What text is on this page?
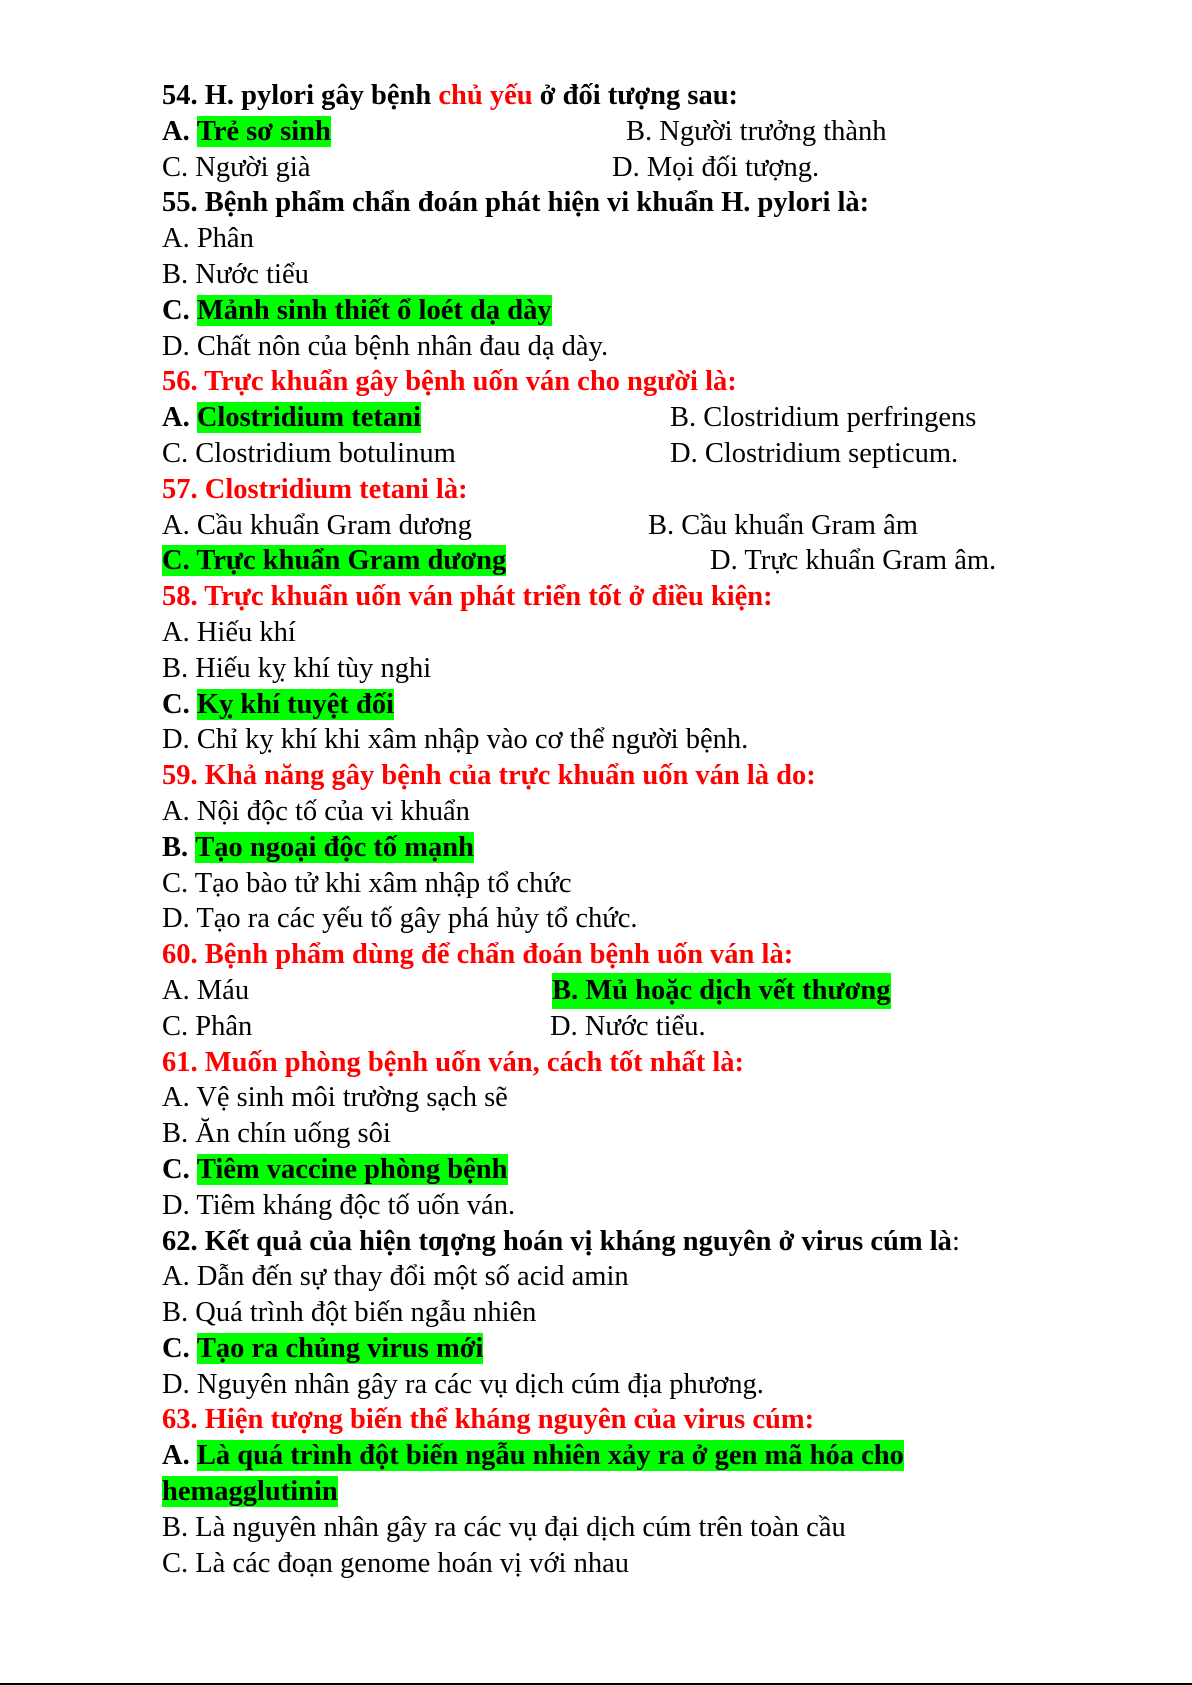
54. H. pylori gây bệnh chủ yếu ở đối tượng sau:
A. Trẻ sơ sinh	B. Người trưởng thành
C. Người già	D. Mọi đối tượng.
55. Bệnh phẩm chẩn đoán phát hiện vi khuẩn H. pylori là:
A. Phân
B. Nước tiểu
C. Mảnh sinh thiết ổ loét dạ dày
D. Chất nôn của bệnh nhân đau dạ dày.
56. Trực khuẩn gây bệnh uốn ván cho người là:
A. Clostridium tetani	B. Clostridium perfringens
C. Clostridium botulinum	D. Clostridium septicum.
57. Clostridium tetani là:
A. Cầu khuẩn Gram dương	B. Cầu khuẩn Gram âm
C. Trực khuẩn Gram dương	D. Trực khuẩn Gram âm.
58. Trực khuẩn uốn ván phát triển tốt ở điều kiện:
A. Hiếu khí
B. Hiếu kỵ khí tùy nghi
C. Kỵ khí tuyệt đối
D. Chỉ kỵ khí khi xâm nhập vào cơ thể người bệnh.
59. Khả năng gây bệnh của trực khuẩn uốn ván là do:
A. Nội độc tố của vi khuẩn
B. Tạo ngoại độc tố mạnh
C. Tạo bào tử khi xâm nhập tổ chức
D. Tạo ra các yếu tố gây phá hủy tổ chức.
60. Bệnh phẩm dùng để chẩn đoán bệnh uốn ván là:
A. Máu	B. Mủ hoặc dịch vết thương
C. Phân	D. Nước tiểu.
61. Muốn phòng bệnh uốn ván, cách tốt nhất là:
A. Vệ sinh môi trường sạch sẽ
B. Ăn chín uống sôi
C. Tiêm vaccine phòng bệnh
D. Tiêm kháng độc tố uốn ván.
62. Kết quả của hiện tƣợng hoán vị kháng nguyên ở virus cúm là:
A. Dẫn đến sự thay đổi một số acid amin
B. Quá trình đột biến ngẫu nhiên
C. Tạo ra chủng virus mới
D. Nguyên nhân gây ra các vụ dịch cúm địa phương.
63. Hiện tượng biến thể kháng nguyên của virus cúm:
A. Là quá trình đột biến ngẫu nhiên xảy ra ở gen mã hóa cho
hemagglutinin
B. Là nguyên nhân gây ra các vụ đại dịch cúm trên toàn cầu
C. Là các đoạn genome hoán vị với nhau
